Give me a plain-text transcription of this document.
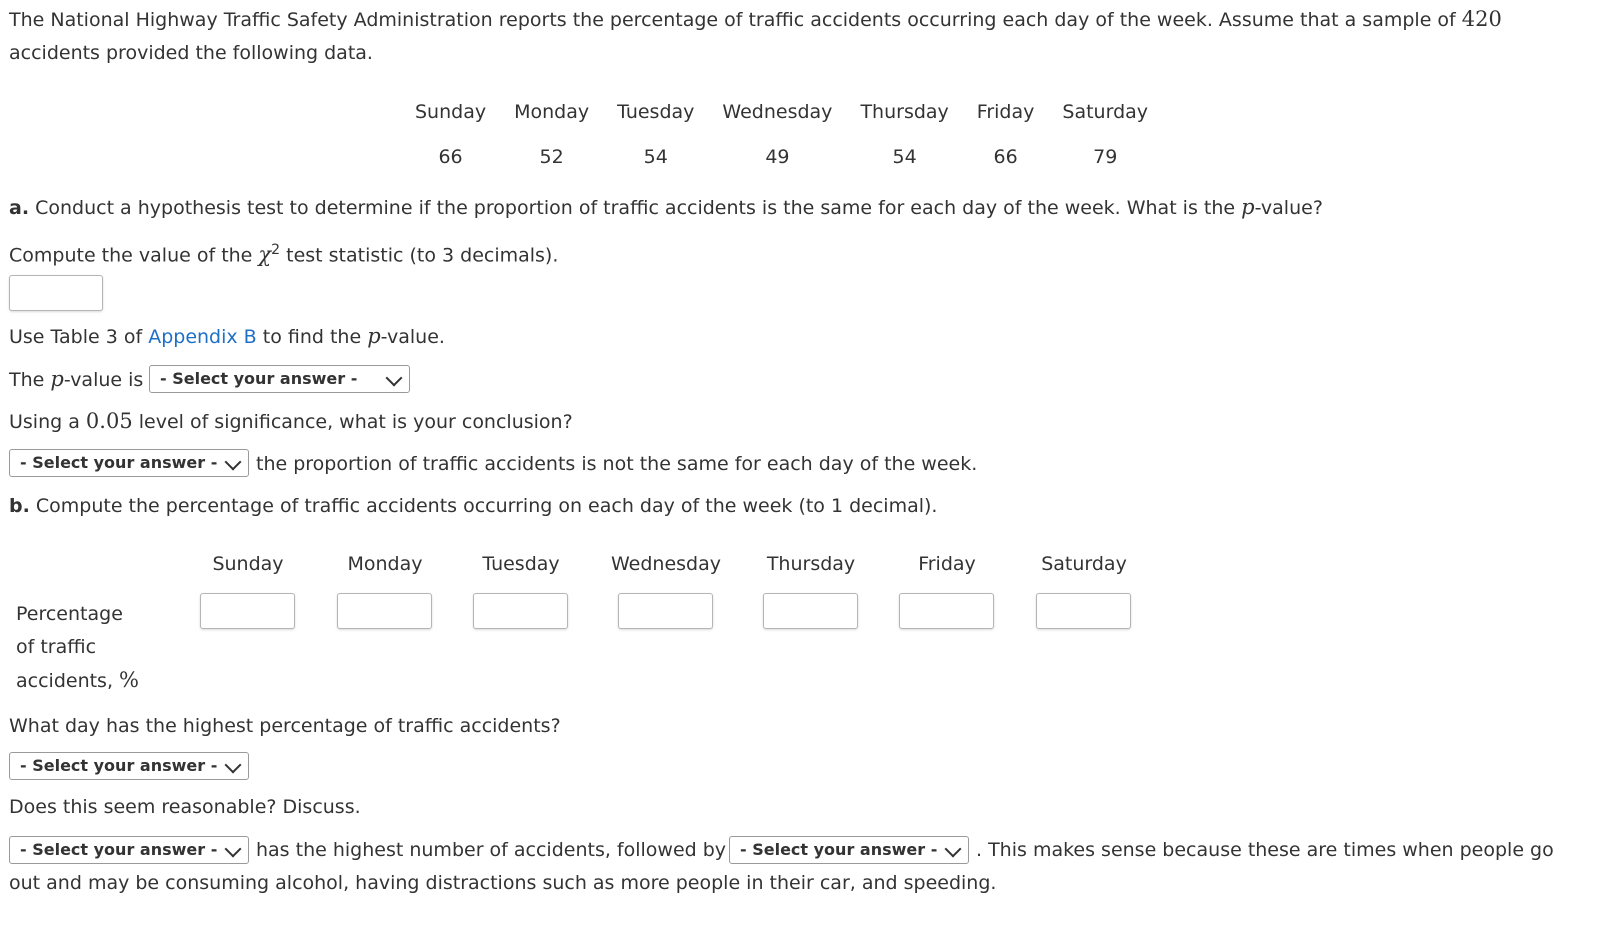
The National Highway Traffic Safety Administration reports the percentage of traffic accidents occurring each day of the week. Assume that a sample of 420
accidents provided the following data.
Sunday	Monday	Tuesday	Wednesday	Thursday	Friday	Saturday
66	52	54	49	54	66	79
a. Conduct a hypothesis test to determine if the proportion of traffic accidents is the same for each day of the week. What is the p-value?
Compute the value of the $\chi^2$ test statistic (to 3 decimals).
Use Table 3 of Appendix B to find the p-value.
The p-value is	- Select your answer -
Using a 0.05 level of significance, what is your conclusion?
- Select your answer -	the proportion of traffic accidents is not the same for each day of the week.
b. Compute the percentage of traffic accidents occurring on each day of the week (to 1 decimal).
Sunday	Monday	Tuesday	Wednesday	Thursday	Friday	Saturday
Percentage
of traffic
accidents, %
What day has the highest percentage of traffic accidents?
- Select your answer -
Does this seem reasonable? Discuss.
- Select your answer -	has the highest number of accidents, followed by - Select your answer -	. This makes sense because these are times when people go
out and may be consuming alcohol, having distractions such as more people in their car, and speeding.
